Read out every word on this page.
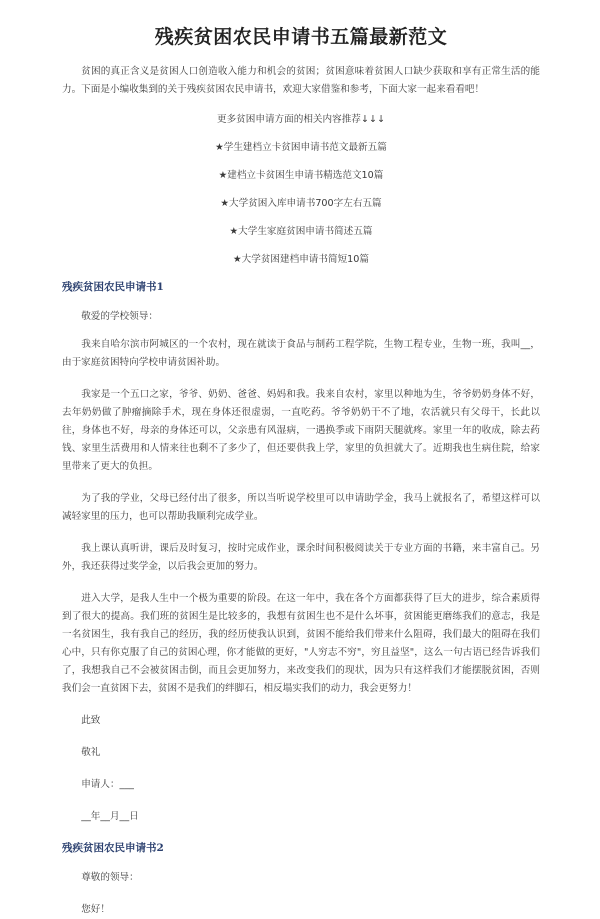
残疾贫困农民申请书五篇最新范文

贫困的真正含义是贫困人口创造收入能力和机会的贫困；贫困意味着贫困人口缺少获取和享有正常生活的能力。下面是小编收集到的关于残疾贫困农民申请书，欢迎大家借鉴和参考，下面大家一起来看看吧！

更多贫困申请方面的相关内容推荐↓↓↓

★学生建档立卡贫困申请书范文最新五篇

★建档立卡贫困生申请书精选范文10篇

★大学贫困入库申请书700字左右五篇

★大学生家庭贫困申请书简述五篇

★大学贫困建档申请书简短10篇

残疾贫困农民申请书1

敬爱的学校领导：

我来自哈尔滨市阿城区的一个农村，现在就读于食品与制药工程学院，生物工程专业，生物一班，我叫__，由于家庭贫困特向学校申请贫困补助。

我家是一个五口之家，爷爷、奶奶、爸爸、妈妈和我。我来自农村，家里以种地为生，爷爷奶奶身体不好，去年奶奶做了肿瘤摘除手术，现在身体还很虚弱，一直吃药。爷爷奶奶干不了地，农活就只有父母干，长此以往，身体也不好，母亲的身体还可以，父亲患有风湿病，一遇换季或下雨阴天腿就疼。家里一年的收成，除去药钱、家里生活费用和人情来往也剩不了多少了，但还要供我上学，家里的负担就大了。近期我也生病住院，给家里带来了更大的负担。

为了我的学业，父母已经付出了很多，所以当听说学校里可以申请助学金，我马上就报名了，希望这样可以减轻家里的压力，也可以帮助我顺利完成学业。

我上课认真听讲，课后及时复习，按时完成作业，课余时间积极阅读关于专业方面的书籍，来丰富自己。另外，我还获得过奖学金，以后我会更加的努力。

进入大学，是我人生中一个极为重要的阶段。在这一年中，我在各个方面都获得了巨大的进步，综合素质得到了很大的提高。我们班的贫困生是比较多的，我想有贫困生也不是什么坏事，贫困能更磨练我们的意志，我是一名贫困生，我有我自己的经历，我的经历使我认识到，贫困不能给我们带来什么阻碍，我们最大的阻碍在我们心中，只有你克服了自己的贫困心理，你才能做的更好，"人穷志不穷"，穷且益坚"，这么一句古语已经告诉我们了，我想我自己不会被贫困击倒，而且会更加努力，来改变我们的现状，因为只有这样我们才能摆脱贫困，否则我们会一直贫困下去，贫困不是我们的绊脚石，相反塌实我们的动力，我会更努力！

此致

敬礼

申请人：___

__年__月__日

残疾贫困农民申请书2

尊敬的领导：

您好！
